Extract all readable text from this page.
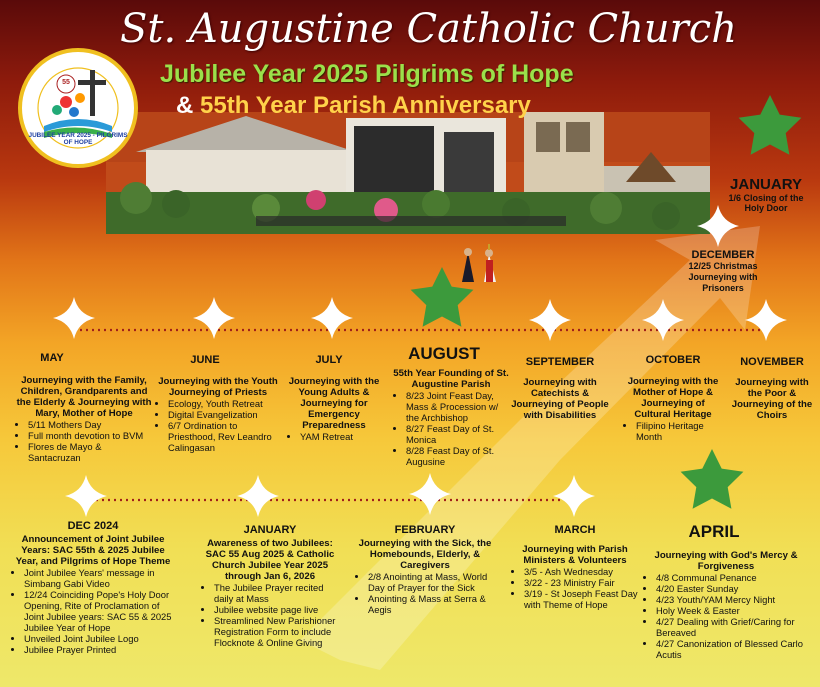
55
JUBILEE YEAR 2025 - PILGRIMS OF HOPE
St. Augustine Catholic Church
Jubilee Year 2025 Pilgrims of Hope
& 55th Year Parish Anniversary
JANUARY
1/6 Closing of the Holy Door
DECEMBER
12/25 Christmas Journeying with Prisoners
MAY
Journeying with the Family, Children, Grandparents and the Elderly & Journeying with Mary, Mother of Hope
• 5/11 Mothers Day
• Full month devotion to BVM
• Flores de Mayo & Santacruzan
JUNE
Journeying with the Youth Journeying of Priests
• Ecology, Youth Retreat
• Digital Evangelization
• 6/7 Ordination to Priesthood, Rev Leandro Calingasan
JULY
Journeying with the Young Adults & Journeying for Emergency Preparedness
• YAM Retreat
AUGUST
55th Year Founding of St. Augustine Parish
• 8/23 Joint Feast Day, Mass & Procession w/ the Archbishop
• 8/27 Feast Day of St. Monica
• 8/28 Feast Day of St. Augusine
SEPTEMBER
Journeying with Catechists & Journeying of People with Disabilities
OCTOBER
Journeying with the Mother of Hope & Journeying of Cultural Heritage
• Filipino Heritage Month
NOVEMBER
Journeying with the Poor & Journeying of the Choirs
DEC 2024
Announcement of Joint Jubilee Years: SAC 55th & 2025 Jubilee Year, and Pilgrims of Hope Theme
• Joint Jubilee Years' message in Simbang Gabi Video
• 12/24 Coinciding Pope's Holy Door Opening, Rite of Proclamation of Joint Jubilee years: SAC 55 & 2025 Jubilee Year of Hope
• Unveiled Joint Jubilee Logo
• Jubilee Prayer Printed
JANUARY
Awareness of two Jubilees: SAC 55 Aug 2025 & Catholic Church Jubilee Year 2025 through Jan 6, 2026
• The Jubilee Prayer recited daily at Mass
• Jubilee website page live
• Streamlined New Parishioner Registration Form to include Flocknote & Online Giving
FEBRUARY
Journeying with the Sick, the Homebounds, Elderly, & Caregivers
• 2/8 Anointing at Mass, World Day of Prayer for the Sick
• Anointing & Mass at Serra & Aegis
MARCH
Journeying with Parish Ministers & Volunteers
• 3/5 - Ash Wednesday
• 3/22 - 23 Ministry Fair
• 3/19 - St Joseph Feast Day with Theme of Hope
APRIL
Journeying with God's Mercy & Forgiveness
• 4/8 Communal Penance
• 4/20 Easter Sunday
• 4/23 Youth/YAM Mercy Night
• Holy Week & Easter
• 4/27 Dealing with Grief/Caring for Bereaved
• 4/27 Canonization of Blessed Carlo Acutis
